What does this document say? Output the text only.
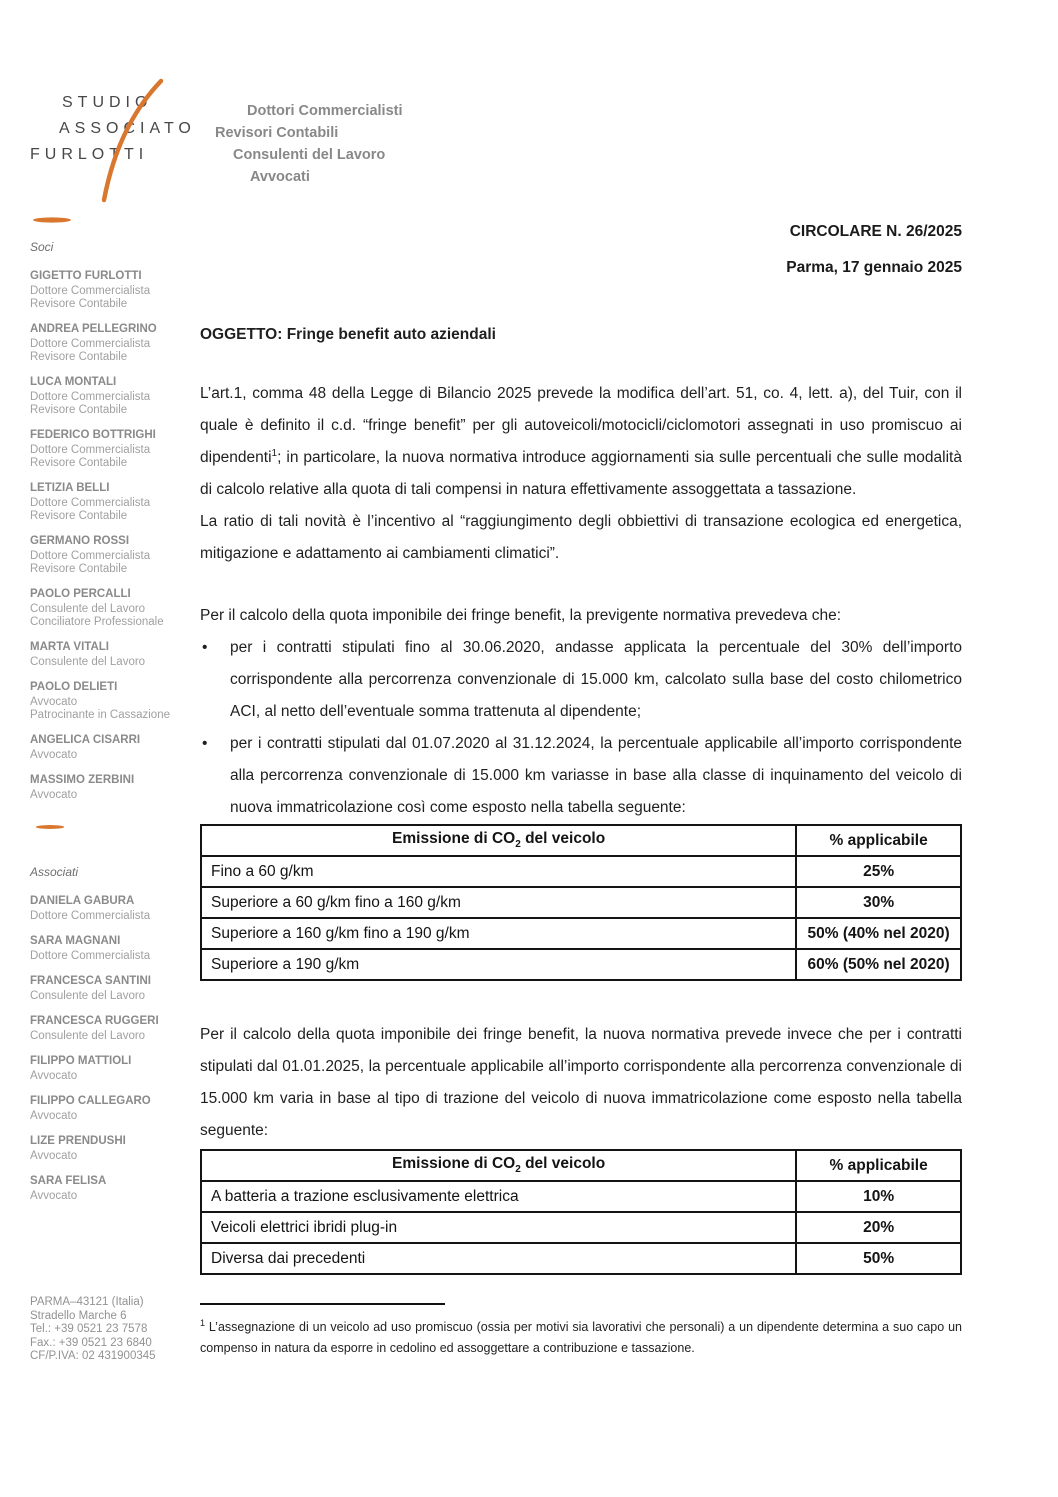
STUDIO
ASSOCIATO
FURLOTTI
Dottori Commercialisti
Revisori Contabili
Consulenti del Lavoro
Avvocati
Soci
GIGETTO FURLOTTI
Dottore Commercialista
Revisore Contabile
ANDREA PELLEGRINO
Dottore Commercialista
Revisore Contabile
LUCA MONTALI
Dottore Commercialista
Revisore Contabile
FEDERICO BOTTRIGHI
Dottore Commercialista
Revisore Contabile
LETIZIA BELLI
Dottore Commercialista
Revisore Contabile
GERMANO ROSSI
Dottore Commercialista
Revisore Contabile
PAOLO PERCALLI
Consulente del Lavoro
Conciliatore Professionale
MARTA VITALI
Consulente del Lavoro
PAOLO DELIETI
Avvocato
Patrocinante in Cassazione
ANGELICA CISARRI
Avvocato
MASSIMO ZERBINI
Avvocato
Associati
DANIELA GABURA
Dottore Commercialista
SARA MAGNANI
Dottore Commercialista
FRANCESCA SANTINI
Consulente del Lavoro
FRANCESCA RUGGERI
Consulente del Lavoro
FILIPPO MATTIOLI
Avvocato
FILIPPO CALLEGARO
Avvocato
LIZE PRENDUSHI
Avvocato
SARA FELISA
Avvocato
PARMA–43121 (Italia)
Stradello Marche 6
Tel.: +39 0521 23 7578
Fax.: +39 0521 23 6840
CF/P.IVA: 02 431900345
CIRCOLARE N. 26/2025
Parma, 17 gennaio 2025
OGGETTO: Fringe benefit auto aziendali
L’art.1, comma 48 della Legge di Bilancio 2025 prevede la modifica dell’art. 51, co. 4, lett. a), del Tuir, con il quale è definito il c.d. “fringe benefit” per gli autoveicoli/motocicli/ciclomotori assegnati in uso promiscuo ai dipendenti$^1$; in particolare, la nuova normativa introduce aggiornamenti sia sulle percentuali che sulle modalità di calcolo relative alla quota di tali compensi in natura effettivamente assoggettata a tassazione.
La ratio di tali novità è l’incentivo al “raggiungimento degli obbiettivi di transazione ecologica ed energetica, mitigazione e adattamento ai cambiamenti climatici”.
Per il calcolo della quota imponibile dei fringe benefit, la previgente normativa prevedeva che:
• per i contratti stipulati fino al 30.06.2020, andasse applicata la percentuale del 30% dell’importo corrispondente alla percorrenza convenzionale di 15.000 km, calcolato sulla base del costo chilometrico ACI, al netto dell’eventuale somma trattenuta al dipendente;
• per i contratti stipulati dal 01.07.2020 al 31.12.2024, la percentuale applicabile all’importo corrispondente alla percorrenza convenzionale di 15.000 km variasse in base alla classe di inquinamento del veicolo di nuova immatricolazione così come esposto nella tabella seguente:
Emissione di $CO_2$ del veicolo	% applicabile
Fino a 60 g/km	25%
Superiore a 60 g/km fino a 160 g/km	30%
Superiore a 160 g/km fino a 190 g/km	50% (40% nel 2020)
Superiore a 190 g/km	60% (50% nel 2020)
Per il calcolo della quota imponibile dei fringe benefit, la nuova normativa prevede invece che per i contratti stipulati dal 01.01.2025, la percentuale applicabile all’importo corrispondente alla percorrenza convenzionale di 15.000 km varia in base al tipo di trazione del veicolo di nuova immatricolazione come esposto nella tabella seguente:
Emissione di $CO_2$ del veicolo	% applicabile
A batteria a trazione esclusivamente elettrica	10%
Veicoli elettrici ibridi plug-in	20%
Diversa dai precedenti	50%
$^1$ L’assegnazione di un veicolo ad uso promiscuo (ossia per motivi sia lavorativi che personali) a un dipendente determina a suo capo un compenso in natura da esporre in cedolino ed assoggettare a contribuzione e tassazione.
